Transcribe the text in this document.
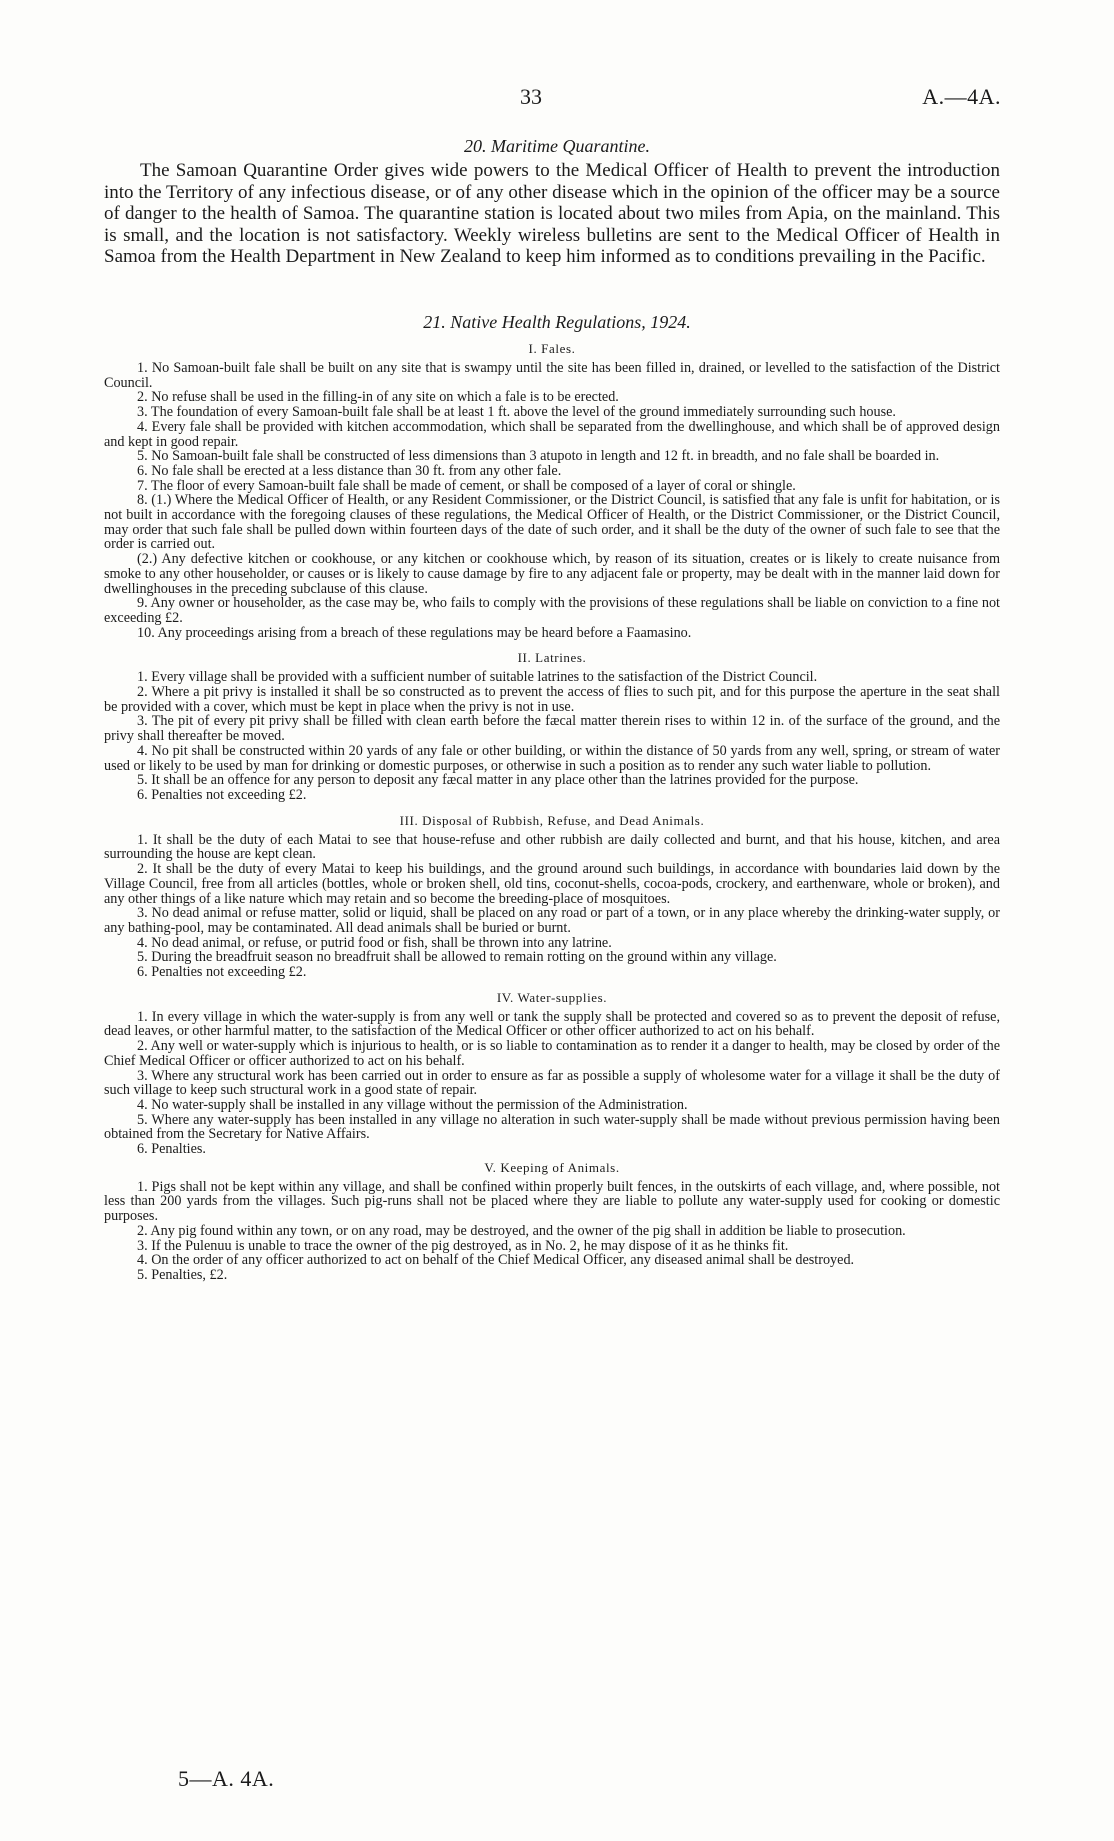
33	A.—4A.
20. Maritime Quarantine.

The Samoan Quarantine Order gives wide powers to the Medical Officer of Health to prevent the introduction into the Territory of any infectious disease, or of any other disease which in the opinion of the officer may be a source of danger to the health of Samoa. The quarantine station is located about two miles from Apia, on the mainland. This is small, and the location is not satisfactory. Weekly wireless bulletins are sent to the Medical Officer of Health in Samoa from the Health Department in New Zealand to keep him informed as to conditions prevailing in the Pacific.

21. Native Health Regulations, 1924.
I. Fales.

1. No Samoan-built fale shall be built on any site that is swampy until the site has been filled in, drained, or levelled to the satisfaction of the District Council.

2. No refuse shall be used in the filling-in of any site on which a fale is to be erected.

3. The foundation of every Samoan-built fale shall be at least 1 ft. above the level of the ground immediately surrounding such house.

4. Every fale shall be provided with kitchen accommodation, which shall be separated from the dwellinghouse, and which shall be of approved design and kept in good repair.

5. No Samoan-built fale shall be constructed of less dimensions than 3 atupoto in length and 12 ft. in breadth, and no fale shall be boarded in.

6. No fale shall be erected at a less distance than 30 ft. from any other fale.

7. The floor of every Samoan-built fale shall be made of cement, or shall be composed of a layer of coral or shingle.

8. (1.) Where the Medical Officer of Health, or any Resident Commissioner, or the District Council, is satisfied that any fale is unfit for habitation, or is not built in accordance with the foregoing clauses of these regulations, the Medical Officer of Health, or the District Commissioner, or the District Council, may order that such fale shall be pulled down within fourteen days of the date of such order, and it shall be the duty of the owner of such fale to see that the order is carried out.

(2.) Any defective kitchen or cookhouse, or any kitchen or cookhouse which, by reason of its situation, creates or is likely to create nuisance from smoke to any other householder, or causes or is likely to cause damage by fire to any adjacent fale or property, may be dealt with in the manner laid down for dwellinghouses in the preceding subclause of this clause.

9. Any owner or householder, as the case may be, who fails to comply with the provisions of these regulations shall be liable on conviction to a fine not exceeding £2.

10. Any proceedings arising from a breach of these regulations may be heard before a Faamasino.

II. Latrines.

1. Every village shall be provided with a sufficient number of suitable latrines to the satisfaction of the District Council.

2. Where a pit privy is installed it shall be so constructed as to prevent the access of flies to such pit, and for this purpose the aperture in the seat shall be provided with a cover, which must be kept in place when the privy is not in use.

3. The pit of every pit privy shall be filled with clean earth before the fæcal matter therein rises to within 12 in. of the surface of the ground, and the privy shall thereafter be moved.

4. No pit shall be constructed within 20 yards of any fale or other building, or within the distance of 50 yards from any well, spring, or stream of water used or likely to be used by man for drinking or domestic purposes, or otherwise in such a position as to render any such water liable to pollution.

5. It shall be an offence for any person to deposit any fæcal matter in any place other than the latrines provided for the purpose.

6. Penalties not exceeding £2.

III. Disposal of Rubbish, Refuse, and Dead Animals.

1. It shall be the duty of each Matai to see that house-refuse and other rubbish are daily collected and burnt, and that his house, kitchen, and area surrounding the house are kept clean.

2. It shall be the duty of every Matai to keep his buildings, and the ground around such buildings, in accordance with boundaries laid down by the Village Council, free from all articles (bottles, whole or broken shell, old tins, coconut-shells, cocoa-pods, crockery, and earthenware, whole or broken), and any other things of a like nature which may retain and so become the breeding-place of mosquitoes.

3. No dead animal or refuse matter, solid or liquid, shall be placed on any road or part of a town, or in any place whereby the drinking-water supply, or any bathing-pool, may be contaminated. All dead animals shall be buried or burnt.

4. No dead animal, or refuse, or putrid food or fish, shall be thrown into any latrine.

5. During the breadfruit season no breadfruit shall be allowed to remain rotting on the ground within any village.

6. Penalties not exceeding £2.

IV. Water-supplies.

1. In every village in which the water-supply is from any well or tank the supply shall be protected and covered so as to prevent the deposit of refuse, dead leaves, or other harmful matter, to the satisfaction of the Medical Officer or other officer authorized to act on his behalf.

2. Any well or water-supply which is injurious to health, or is so liable to contamination as to render it a danger to health, may be closed by order of the Chief Medical Officer or officer authorized to act on his behalf.

3. Where any structural work has been carried out in order to ensure as far as possible a supply of wholesome water for a village it shall be the duty of such village to keep such structural work in a good state of repair.

4. No water-supply shall be installed in any village without the permission of the Administration.

5. Where any water-supply has been installed in any village no alteration in such water-supply shall be made without previous permission having been obtained from the Secretary for Native Affairs.

6. Penalties.

V. Keeping of Animals.

1. Pigs shall not be kept within any village, and shall be confined within properly built fences, in the outskirts of each village, and, where possible, not less than 200 yards from the villages. Such pig-runs shall not be placed where they are liable to pollute any water-supply used for cooking or domestic purposes.

2. Any pig found within any town, or on any road, may be destroyed, and the owner of the pig shall in addition be liable to prosecution.

3. If the Pulenuu is unable to trace the owner of the pig destroyed, as in No. 2, he may dispose of it as he thinks fit.

4. On the order of any officer authorized to act on behalf of the Chief Medical Officer, any diseased animal shall be destroyed.

5. Penalties, £2.

5—A. 4A.
